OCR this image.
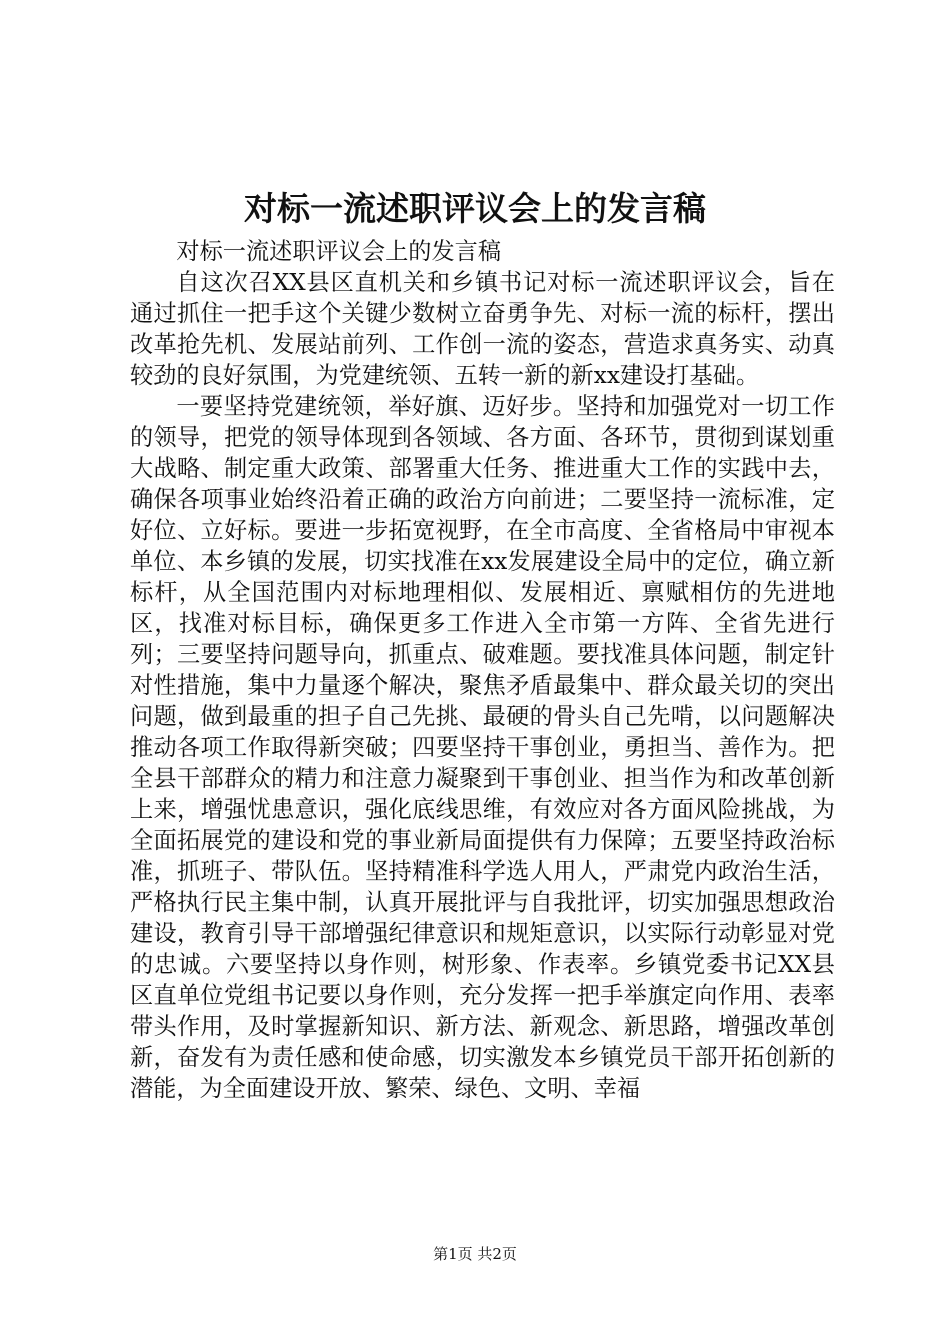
对标一流述职评议会上的发言稿

对标一流述职评议会上的发言稿

自这次召XX县区直机关和乡镇书记对标一流述职评议会，旨在通过抓住一把手这个关键少数树立奋勇争先、对标一流的标杆，摆出改革抢先机、发展站前列、工作创一流的姿态，营造求真务实、动真较劲的良好氛围，为党建统领、五转一新的新xx建设打基础。

一要坚持党建统领，举好旗、迈好步。坚持和加强党对一切工作的领导，把党的领导体现到各领域、各方面、各环节，贯彻到谋划重大战略、制定重大政策、部署重大任务、推进重大工作的实践中去，确保各项事业始终沿着正确的政治方向前进；二要坚持一流标准，定好位、立好标。要进一步拓宽视野，在全市高度、全省格局中审视本单位、本乡镇的发展，切实找准在xx发展建设全局中的定位，确立新标杆，从全国范围内对标地理相似、发展相近、禀赋相仿的先进地区，找准对标目标，确保更多工作进入全市第一方阵、全省先进行列；三要坚持问题导向，抓重点、破难题。要找准具体问题，制定针对性措施，集中力量逐个解决，聚焦矛盾最集中、群众最关切的突出问题，做到最重的担子自己先挑、最硬的骨头自己先啃，以问题解决推动各项工作取得新突破；四要坚持干事创业，勇担当、善作为。把全县干部群众的精力和注意力凝聚到干事创业、担当作为和改革创新上来，增强忧患意识，强化底线思维，有效应对各方面风险挑战，为全面拓展党的建设和党的事业新局面提供有力保障；五要坚持政治标准，抓班子、带队伍。坚持精准科学选人用人，严肃党内政治生活，严格执行民主集中制，认真开展批评与自我批评，切实加强思想政治建设，教育引导干部增强纪律意识和规矩意识，以实际行动彰显对党的忠诚。六要坚持以身作则，树形象、作表率。乡镇党委书记XX县区直单位党组书记要以身作则，充分发挥一把手举旗定向作用、表率带头作用，及时掌握新知识、新方法、新观念、新思路，增强改革创新，奋发有为责任感和使命感，切实激发本乡镇党员干部开拓创新的潜能，为全面建设开放、繁荣、绿色、文明、幸福

第1页 共2页
